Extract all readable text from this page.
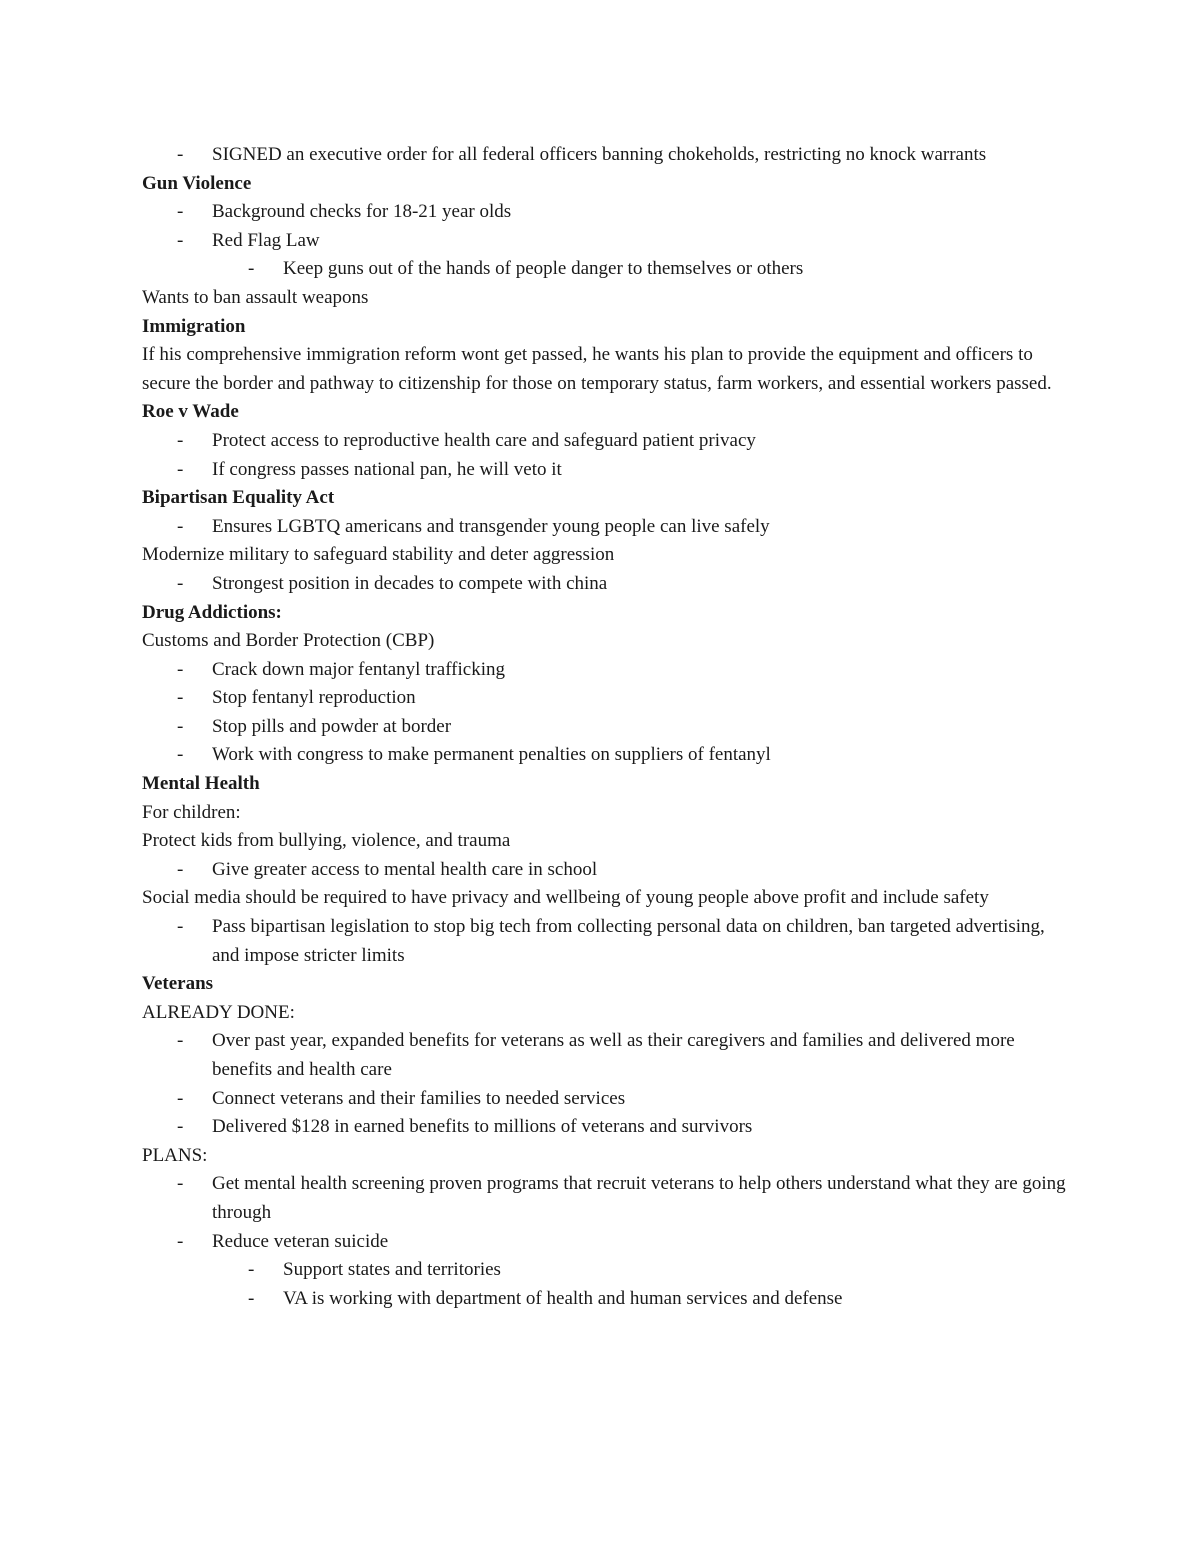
- SIGNED an executive order for all federal officers banning chokeholds, restricting no knock warrants
Gun Violence
- Background checks for 18-21 year olds
- Red Flag Law
- Keep guns out of the hands of people danger to themselves or others
Wants to ban assault weapons
Immigration
If his comprehensive immigration reform wont get passed, he wants his plan to provide the equipment and officers to secure the border and pathway to citizenship for those on temporary status, farm workers, and essential workers passed.
Roe v Wade
- Protect access to reproductive health care and safeguard patient privacy
- If congress passes national pan, he will veto it
Bipartisan Equality Act
- Ensures LGBTQ americans and transgender young people can live safely
Modernize military to safeguard stability and deter aggression
- Strongest position in decades to compete with china
Drug Addictions:
Customs and Border Protection (CBP)
- Crack down major fentanyl trafficking
- Stop fentanyl reproduction
- Stop pills and powder at border
- Work with congress to make permanent penalties on suppliers of fentanyl
Mental Health
For children:
Protect kids from bullying, violence, and trauma
- Give greater access to mental health care in school
Social media should be required to have privacy and wellbeing of young people above profit and include safety
- Pass bipartisan legislation to stop big tech from collecting personal data on children, ban targeted advertising, and impose stricter limits
Veterans
ALREADY DONE:
- Over past year, expanded benefits for veterans as well as their caregivers and families and delivered more benefits and health care
- Connect veterans and their families to needed services
- Delivered $128 in earned benefits to millions of veterans and survivors
PLANS:
- Get mental health screening proven programs that recruit veterans to help others understand what they are going through
- Reduce veteran suicide
- Support states and territories
- VA is working with department of health and human services and defense
